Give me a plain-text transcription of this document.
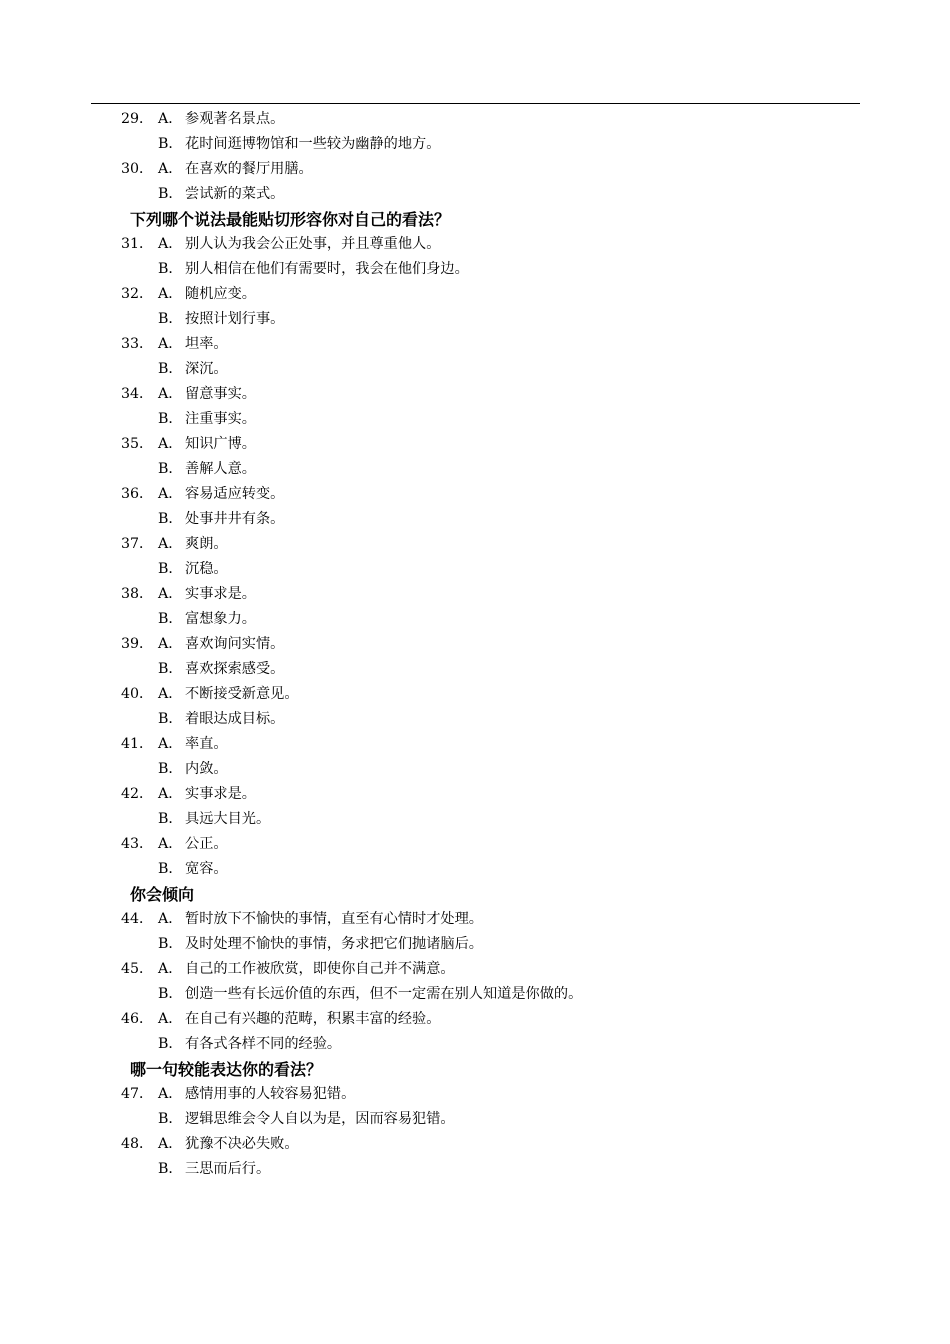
29． A． 参观著名景点。
B． 花时间逛博物馆和一些较为幽静的地方。
30． A． 在喜欢的餐厅用膳。
B． 尝试新的菜式。
下列哪个说法最能贴切形容你对自己的看法？
31． A． 别人认为我会公正处事，并且尊重他人。
B． 别人相信在他们有需要时，我会在他们身边。
32． A． 随机应变。
B． 按照计划行事。
33． A． 坦率。
B． 深沉。
34． A． 留意事实。
B． 注重事实。
35． A． 知识广博。
B． 善解人意。
36． A． 容易适应转变。
B． 处事井井有条。
37． A． 爽朗。
B． 沉稳。
38． A． 实事求是。
B． 富想象力。
39． A． 喜欢询问实情。
B． 喜欢探索感受。
40． A． 不断接受新意见。
B． 着眼达成目标。
41． A． 率直。
B． 内敛。
42． A． 实事求是。
B． 具远大目光。
43． A． 公正。
B． 宽容。
你会倾向
44． A． 暂时放下不愉快的事情，直至有心情时才处理。
B． 及时处理不愉快的事情，务求把它们抛诸脑后。
45． A． 自己的工作被欣赏，即使你自己并不满意。
B． 创造一些有长远价值的东西，但不一定需在别人知道是你做的。
46． A． 在自己有兴趣的范畴，积累丰富的经验。
B． 有各式各样不同的经验。
哪一句较能表达你的看法？
47． A． 感情用事的人较容易犯错。
B． 逻辑思维会令人自以为是，因而容易犯错。
48． A． 犹豫不决必失败。
B． 三思而后行。
